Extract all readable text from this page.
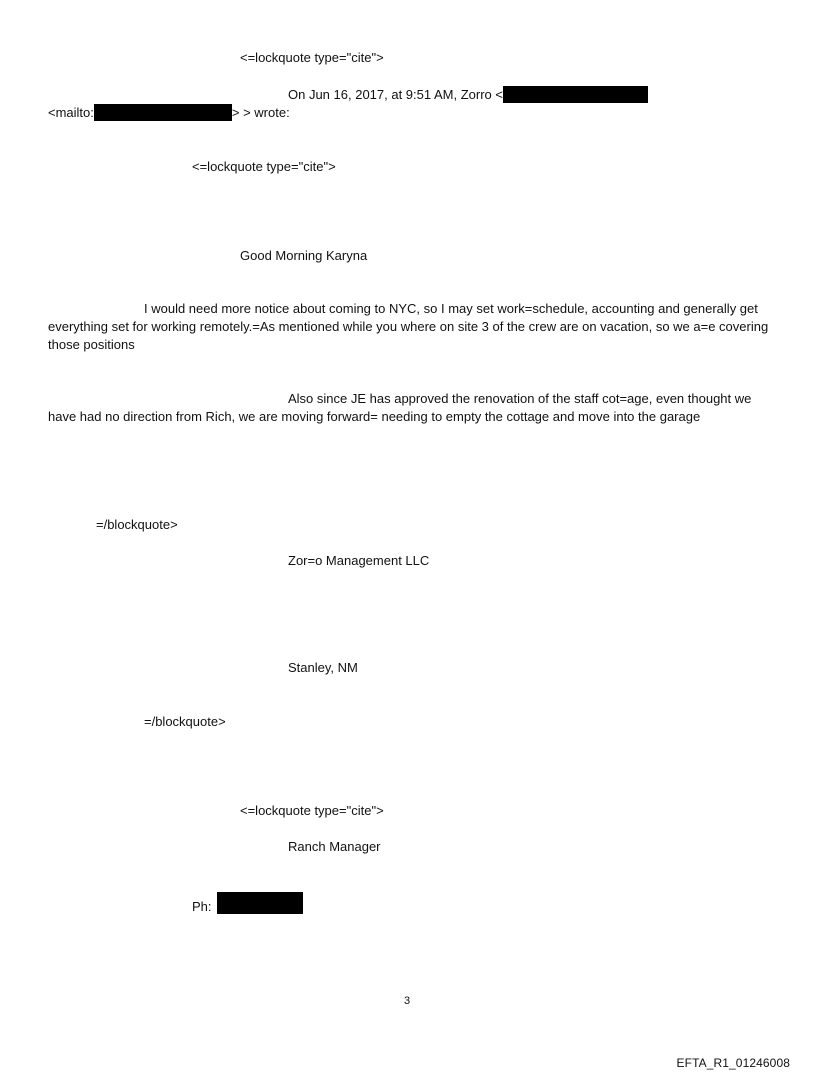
<=lockquote type="cite">
On Jun 16, 2017, at 9:51 AM, Zorro <
<mailto:	> > wrote:
<=lockquote type="cite">
Good Morning Karyna
I would need more notice about coming to NYC, so I may set work=schedule, accounting and generally get everything set for working remotely.=As mentioned while you where on site 3 of the crew are on vacation, so we a=e covering those positions
Also since JE has approved the renovation of the staff cot=age, even thought we have had no direction from Rich, we are moving forward= needing to empty the cottage and move into the garage
=/blockquote>
Zor=o Management LLC
Stanley, NM
=/blockquote>
<=lockquote type="cite">
Ranch Manager
Ph:
3
EFTA_R1_01246008
